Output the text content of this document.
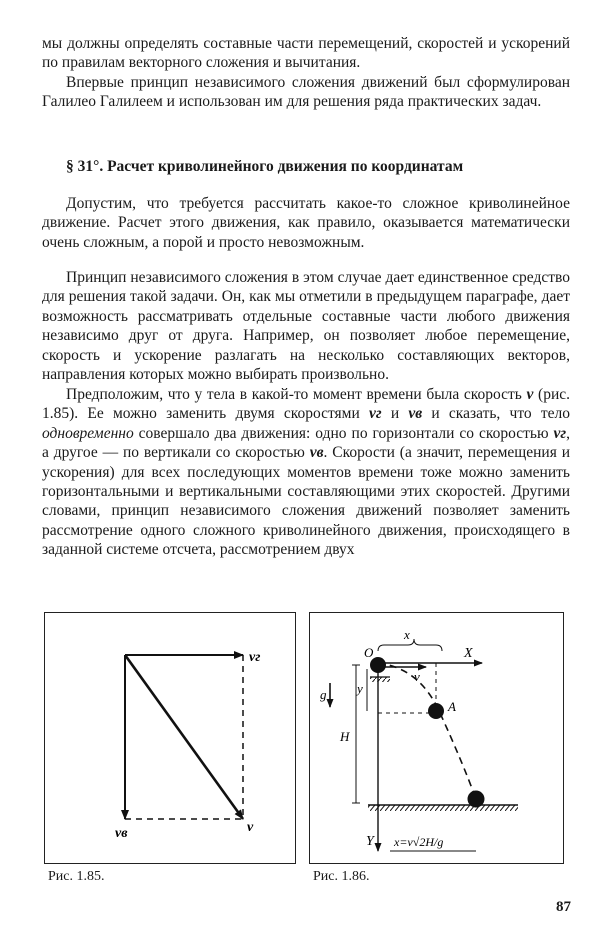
мы должны определять составные части перемещений, скоростей и ускорений по правилам векторного сложения и вычитания.

Впервые принцип независимого сложения движений был сформулирован Галилео Галилеем и использован им для решения ряда практических задач.

§ 31°. Расчет криволинейного движения по координатам

Допустим, что требуется рассчитать какое-то сложное криволинейное движение. Расчет этого движения, как правило, оказывается математически очень сложным, а порой и просто невозможным.

Принцип независимого сложения в этом случае дает единственное средство для решения такой задачи. Он, как мы отметили в предыдущем параграфе, дает возможность рассматривать отдельные составные части любого движения независимо друг от друга. Например, он позволяет любое перемещение, скорость и ускорение разлагать на несколько составляющих векторов, направления которых можно выбирать произвольно.

Предположим, что у тела в какой-то момент времени была скорость v (рис. 1.85). Ее можно заменить двумя скоростями vг и vв и сказать, что тело одновременно совершало два движения: одно по горизонтали со скоростью vг, а другое — по вертикали со скоростью vв. Скорости (а значит, перемещения и ускорения) для всех последующих моментов времени тоже можно заменить горизонтальными и вертикальными составляющими этих скоростей. Другими словами, принцип независимого сложения движений позволяет заменить рассмотрение одного сложного криволинейного движения, происходящего в заданной системе отсчета, рассмотрением двух

vг
vв	v
Рис. 1.85.
O
x
X
v
g y
A
H
Y x=v√2H/g
Рис. 1.86.
87
